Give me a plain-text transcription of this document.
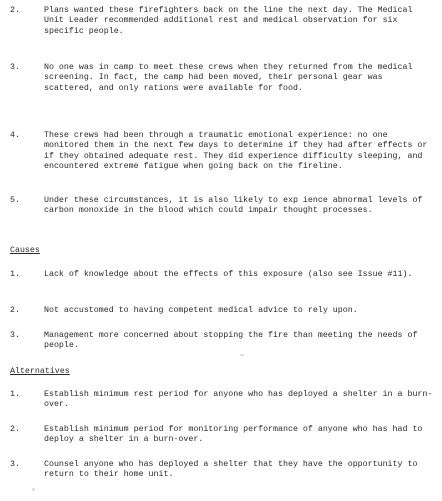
2.	Plans wanted these firefighters back on the line the next day. The Medical Unit Leader recommended additional rest and medical observation for six specific people.
3.	No one was in camp to meet these crews when they returned from the medical screening. In fact, the camp had been moved, their personal gear was scattered, and only rations were available for food.
4.	These crews had been through a traumatic emotional experience: no one monitored them in the next few days to determine if they had after effects or if they obtained adequate rest. They did experience difficulty sleeping, and encountered extreme fatigue when going back on the fireline.
5.	Under these circumstances, it is also likely to exp ience abnormal levels of carbon monoxide in the blood which could impair thought processes.
Causes
1.	Lack of knowledge about the effects of this exposure (also see Issue #11).
2.	Not accustomed to having competent medical advice to rely upon.
3.	Management more concerned about stopping the fire than meeting the needs of people.
Alternatives
1.	Establish minimum rest period for anyone who has deployed a shelter in a burn-over.
2.	Establish minimum period for monitoring performance of anyone who has had to deploy a shelter in a burn-over.
3.	Counsel anyone who has deployed a shelter that they have the opportunity to return to their home unit.
